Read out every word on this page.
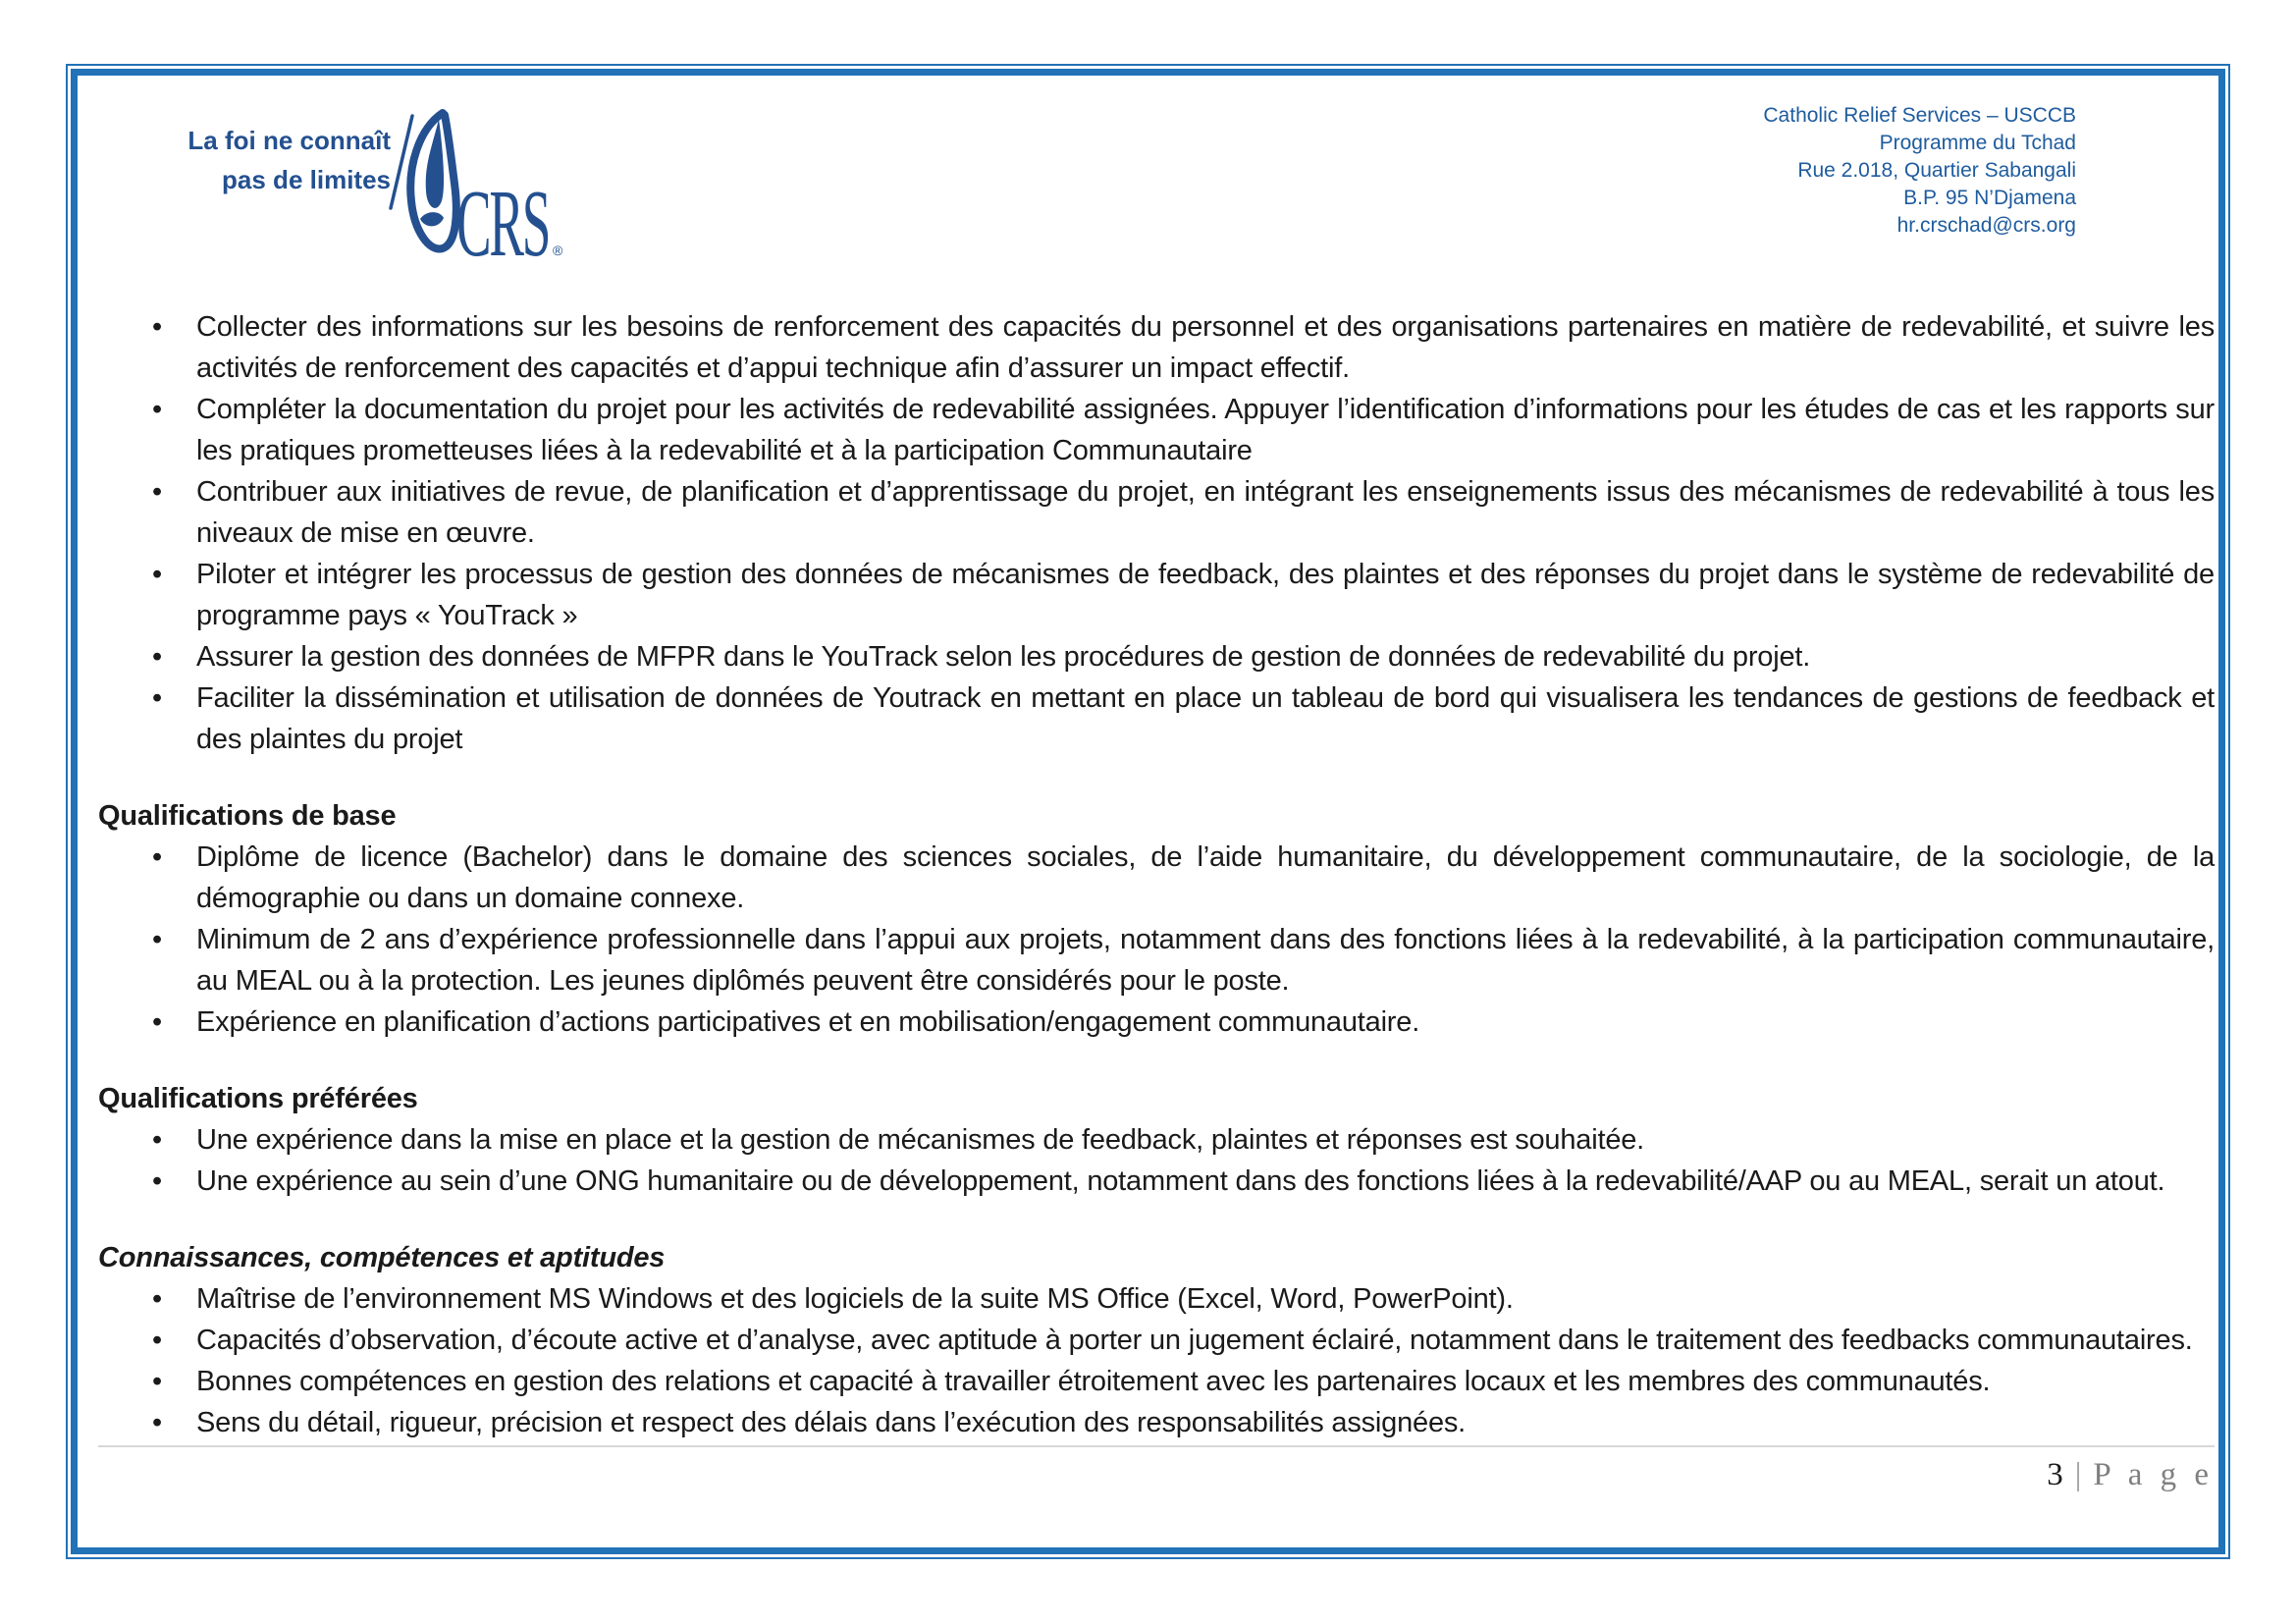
La foi ne connaît
pas de limites CRS ®
Catholic Relief Services – USCCB
Programme du Tchad
Rue 2.018, Quartier Sabangali
B.P. 95 N’Djamena
hr.crschad@crs.org
• Collecter des informations sur les besoins de renforcement des capacités du personnel et des organisations partenaires en matière de redevabilité, et suivre les activités de renforcement des capacités et d’appui technique afin d’assurer un impact effectif.
• Compléter la documentation du projet pour les activités de redevabilité assignées. Appuyer l’identification d’informations pour les études de cas et les rapports sur les pratiques prometteuses liées à la redevabilité et à la participation Communautaire
• Contribuer aux initiatives de revue, de planification et d’apprentissage du projet, en intégrant les enseignements issus des mécanismes de redevabilité à tous les niveaux de mise en œuvre.
• Piloter et intégrer les processus de gestion des données de mécanismes de feedback, des plaintes et des réponses du projet dans le système de redevabilité de programme pays « YouTrack »
• Assurer la gestion des données de MFPR dans le YouTrack selon les procédures de gestion de données de redevabilité du projet.
• Faciliter la dissémination et utilisation de données de Youtrack en mettant en place un tableau de bord qui visualisera les tendances de gestions de feedback et des plaintes du projet

Qualifications de base

• Diplôme de licence (Bachelor) dans le domaine des sciences sociales, de l’aide humanitaire, du développement communautaire, de la sociologie, de la démographie ou dans un domaine connexe.
• Minimum de 2 ans d’expérience professionnelle dans l’appui aux projets, notamment dans des fonctions liées à la redevabilité, à la participation communautaire, au MEAL ou à la protection. Les jeunes diplômés peuvent être considérés pour le poste.
• Expérience en planification d’actions participatives et en mobilisation/engagement communautaire.

Qualifications préférées

• Une expérience dans la mise en place et la gestion de mécanismes de feedback, plaintes et réponses est souhaitée.
• Une expérience au sein d’une ONG humanitaire ou de développement, notamment dans des fonctions liées à la redevabilité/AAP ou au MEAL, serait un atout.

Connaissances, compétences et aptitudes

• Maîtrise de l’environnement MS Windows et des logiciels de la suite MS Office (Excel, Word, PowerPoint).
• Capacités d’observation, d’écoute active et d’analyse, avec aptitude à porter un jugement éclairé, notamment dans le traitement des feedbacks communautaires.
• Bonnes compétences en gestion des relations et capacité à travailler étroitement avec les partenaires locaux et les membres des communautés.
• Sens du détail, rigueur, précision et respect des délais dans l’exécution des responsabilités assignées.
3 | P a g e
